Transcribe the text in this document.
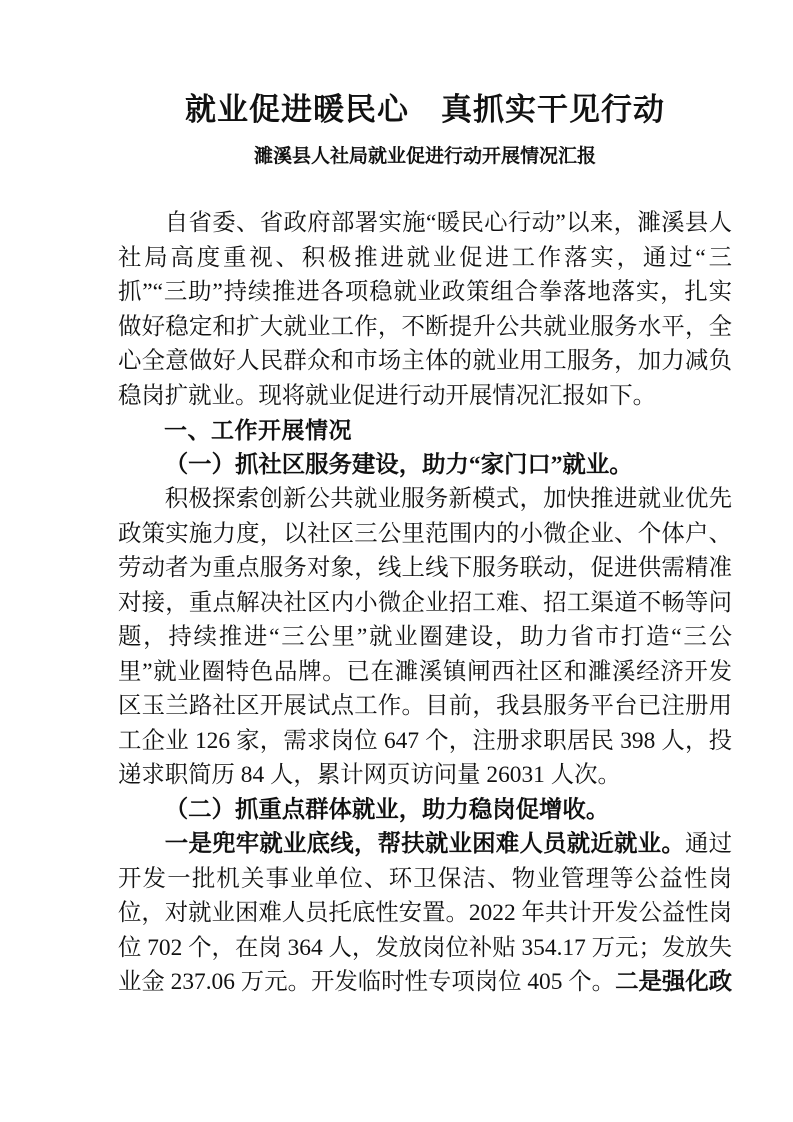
就业促进暖民心　真抓实干见行动
濉溪县人社局就业促进行动开展情况汇报

自省委、省政府部署实施“暖民心行动”以来，濉溪县人社局高度重视、积极推进就业促进工作落实，通过“三抓”“三助”持续推进各项稳就业政策组合拳落地落实，扎实做好稳定和扩大就业工作，不断提升公共就业服务水平，全心全意做好人民群众和市场主体的就业用工服务，加力减负稳岗扩就业。现将就业促进行动开展情况汇报如下。

一、工作开展情况

（一）抓社区服务建设，助力“家门口”就业。

积极探索创新公共就业服务新模式，加快推进就业优先政策实施力度，以社区三公里范围内的小微企业、个体户、劳动者为重点服务对象，线上线下服务联动，促进供需精准对接，重点解决社区内小微企业招工难、招工渠道不畅等问题，持续推进“三公里”就业圈建设，助力省市打造“三公里”就业圈特色品牌。已在濉溪镇闸西社区和濉溪经济开发区玉兰路社区开展试点工作。目前，我县服务平台已注册用工企业 126 家，需求岗位 647 个，注册求职居民 398 人，投递求职简历 84 人，累计网页访问量 26031 人次。

（二）抓重点群体就业，助力稳岗促增收。

一是兜牢就业底线，帮扶就业困难人员就近就业。通过开发一批机关事业单位、环卫保洁、物业管理等公益性岗位，对就业困难人员托底性安置。2022 年共计开发公益性岗位 702 个，在岗 364 人，发放岗位补贴 354.17 万元；发放失业金 237.06 万元。开发临时性专项岗位 405 个。二是强化政
